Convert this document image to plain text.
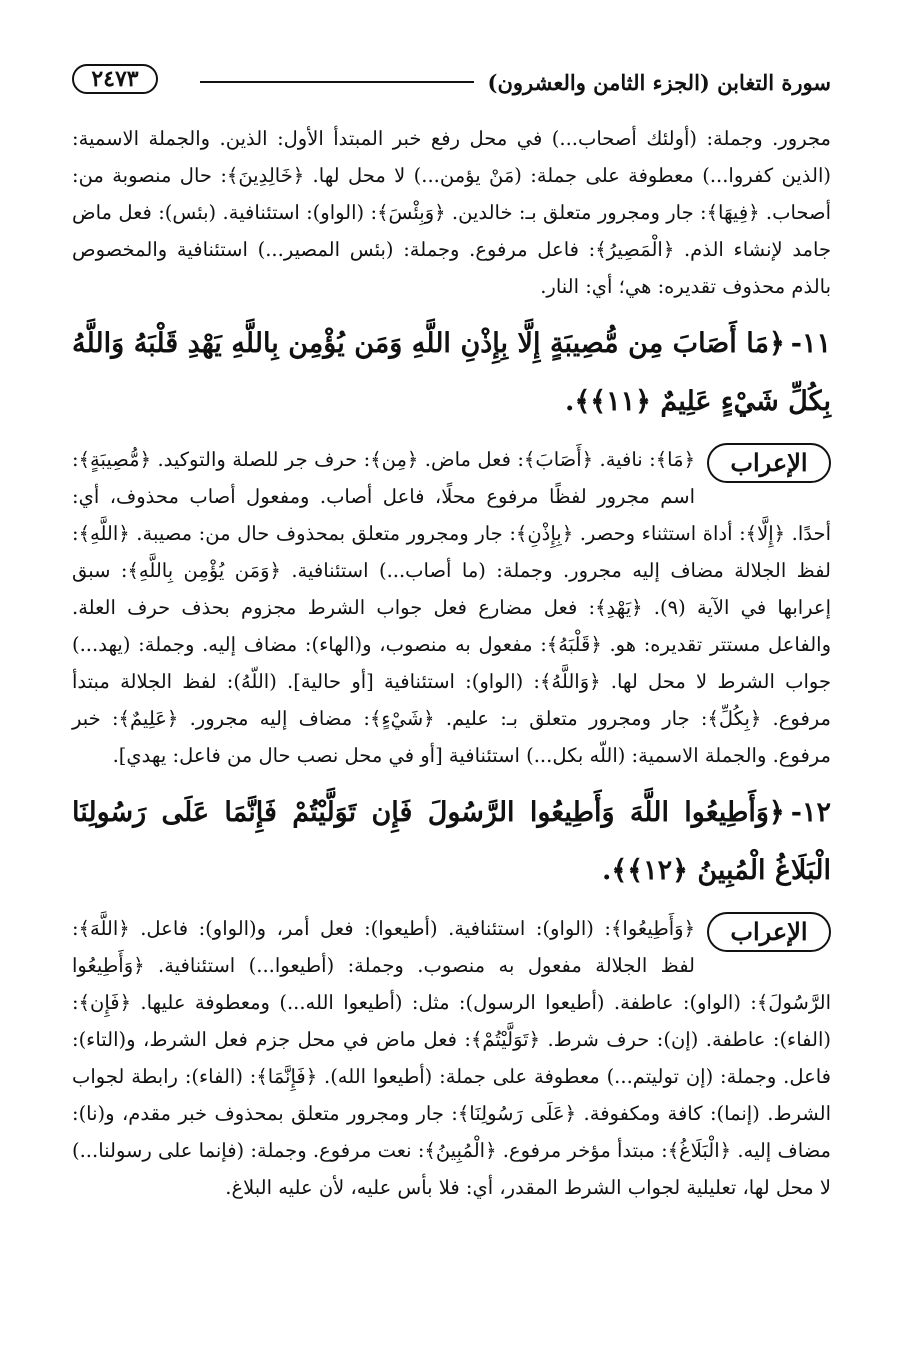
سورة التغابن (الجزء الثامن والعشرون)
٢٤٧٣

مجرور. وجملة: (أولئك أصحاب...) في محل رفع خبر المبتدأ الأول: الذين. والجملة الاسمية: (الذين كفروا...) معطوفة على جملة: (مَنْ يؤمن...) لا محل لها. ﴿خَالِدِينَ﴾: حال منصوبة من: أصحاب. ﴿فِيهَا﴾: جار ومجرور متعلق بـ: خالدين. ﴿وَبِئْسَ﴾: (الواو): استئنافية. (بئس): فعل ماض جامد لإنشاء الذم. ﴿الْمَصِيرُ﴾: فاعل مرفوع. وجملة: (بئس المصير...) استئنافية والمخصوص بالذم محذوف تقديره: هي؛ أي: النار.

١١-﴿مَا أَصَابَ مِن مُّصِيبَةٍ إِلَّا بِإِذْنِ اللَّهِ وَمَن يُؤْمِن بِاللَّهِ يَهْدِ قَلْبَهُ وَاللَّهُ بِكُلِّ شَيْءٍ عَلِيمٌ ﴿١١﴾﴾.

الإعراب

﴿مَا﴾: نافية. ﴿أَصَابَ﴾: فعل ماض. ﴿مِن﴾: حرف جر للصلة والتوكيد. ﴿مُّصِيبَةٍ﴾: اسم مجرور لفظًا مرفوع محلًا، فاعل أصاب. ومفعول أصاب محذوف، أي: أحدًا. ﴿إِلَّا﴾: أداة استثناء وحصر. ﴿بِإِذْنِ﴾: جار ومجرور متعلق بمحذوف حال من: مصيبة. ﴿اللَّهِ﴾: لفظ الجلالة مضاف إليه مجرور. وجملة: (ما أصاب...) استئنافية. ﴿وَمَن يُؤْمِن بِاللَّهِ﴾: سبق إعرابها في الآية (٩). ﴿يَهْدِ﴾: فعل مضارع فعل جواب الشرط مجزوم بحذف حرف العلة. والفاعل مستتر تقديره: هو. ﴿قَلْبَهُ﴾: مفعول به منصوب، و(الهاء): مضاف إليه. وجملة: (يهد...) جواب الشرط لا محل لها. ﴿وَاللَّهُ﴾: (الواو): استئنافية [أو حالية]. (اللّهُ): لفظ الجلالة مبتدأ مرفوع. ﴿بِكُلِّ﴾: جار ومجرور متعلق بـ: عليم. ﴿شَيْءٍ﴾: مضاف إليه مجرور. ﴿عَلِيمٌ﴾: خبر مرفوع. والجملة الاسمية: (اللّه بكل...) استئنافية [أو في محل نصب حال من فاعل: يهدي].

١٢-﴿وَأَطِيعُوا اللَّهَ وَأَطِيعُوا الرَّسُولَ فَإِن تَوَلَّيْتُمْ فَإِنَّمَا عَلَى رَسُولِنَا الْبَلَاغُ الْمُبِينُ ﴿١٢﴾﴾.

الإعراب

﴿وَأَطِيعُوا﴾: (الواو): استئنافية. (أطيعوا): فعل أمر، و(الواو): فاعل. ﴿اللَّهَ﴾: لفظ الجلالة مفعول به منصوب. وجملة: (أطيعوا...) استئنافية. ﴿وَأَطِيعُوا الرَّسُولَ﴾: (الواو): عاطفة. (أطيعوا الرسول): مثل: (أطيعوا الله...) ومعطوفة عليها. ﴿فَإِن﴾: (الفاء): عاطفة. (إن): حرف شرط. ﴿تَوَلَّيْتُمْ﴾: فعل ماض في محل جزم فعل الشرط، و(التاء): فاعل. وجملة: (إن توليتم...) معطوفة على جملة: (أطيعوا الله). ﴿فَإِنَّمَا﴾: (الفاء): رابطة لجواب الشرط. (إنما): كافة ومكفوفة. ﴿عَلَى رَسُولِنَا﴾: جار ومجرور متعلق بمحذوف خبر مقدم، و(نا): مضاف إليه. ﴿الْبَلَاغُ﴾: مبتدأ مؤخر مرفوع. ﴿الْمُبِينُ﴾: نعت مرفوع. وجملة: (فإنما على رسولنا...) لا محل لها، تعليلية لجواب الشرط المقدر، أي: فلا بأس عليه، لأن عليه البلاغ.
